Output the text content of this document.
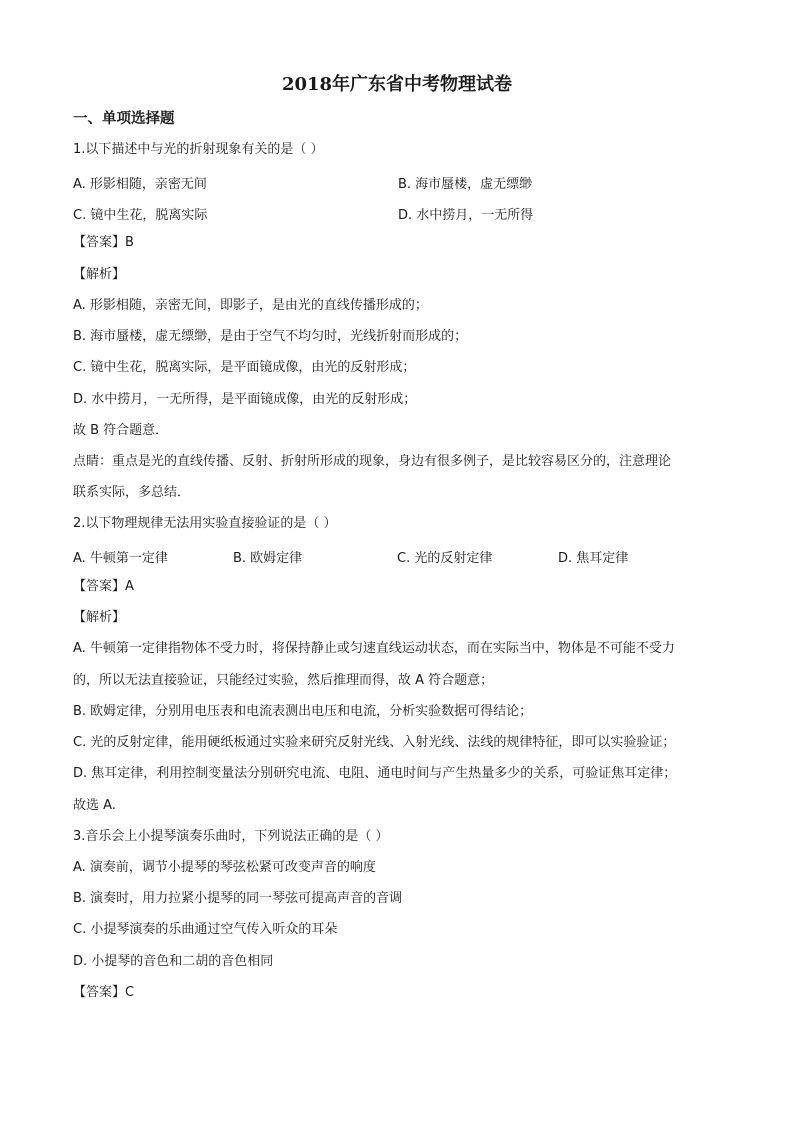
2018年广东省中考物理试卷
一、单项选择题
1.以下描述中与光的折射现象有关的是（ ）
A. 形影相随，亲密无间	B. 海市蜃楼，虚无缥缈
C. 镜中生花，脱离实际	D. 水中捞月，一无所得
【答案】B
【解析】
A. 形影相随，亲密无间，即影子，是由光的直线传播形成的；
B. 海市蜃楼，虚无缥缈，是由于空气不均匀时，光线折射而形成的；
C. 镜中生花，脱离实际，是平面镜成像，由光的反射形成；
D. 水中捞月，一无所得，是平面镜成像，由光的反射形成；
故 B 符合题意．
点睛：重点是光的直线传播、反射、折射所形成的现象，身边有很多例子，是比较容易区分的，注意理论
联系实际，多总结．
2.以下物理规律无法用实验直接验证的是（ ）
A. 牛顿第一定律	B. 欧姆定律	C. 光的反射定律	D. 焦耳定律
【答案】A
【解析】
A. 牛顿第一定律指物体不受力时，将保持静止或匀速直线运动状态，而在实际当中，物体是不可能不受力
的，所以无法直接验证，只能经过实验，然后推理而得，故 A 符合题意；
B. 欧姆定律，分别用电压表和电流表测出电压和电流，分析实验数据可得结论；
C. 光的反射定律，能用硬纸板通过实验来研究反射光线、入射光线、法线的规律特征，即可以实验验证；
D. 焦耳定律，利用控制变量法分别研究电流、电阻、通电时间与产生热量多少的关系，可验证焦耳定律；
故选 A.
3.音乐会上小提琴演奏乐曲时，下列说法正确的是（ ）
A. 演奏前，调节小提琴的琴弦松紧可改变声音的响度
B. 演奏时，用力拉紧小提琴的同一琴弦可提高声音的音调
C. 小提琴演奏的乐曲通过空气传入听众的耳朵
D. 小提琴的音色和二胡的音色相同
【答案】C
